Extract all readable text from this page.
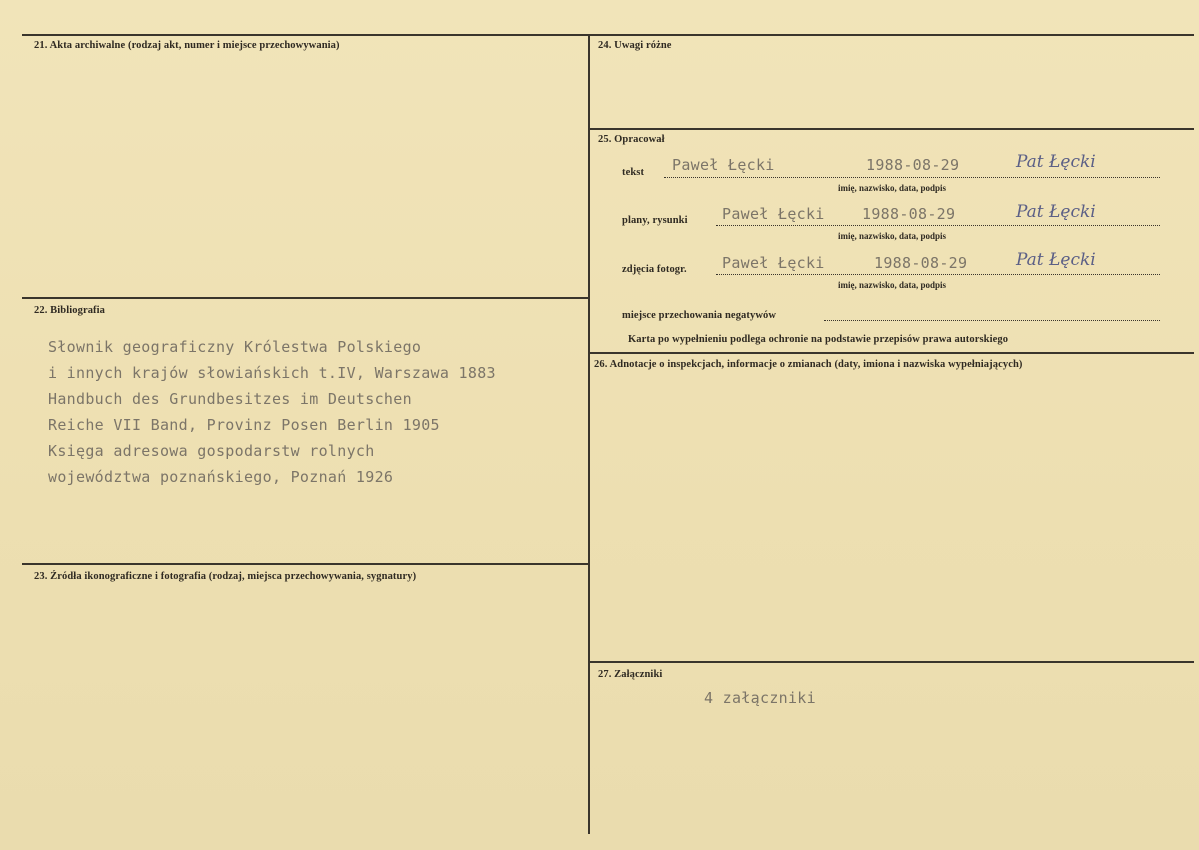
21. Akta archiwalne (rodzaj akt, numer i miejsce przechowywania)
22. Bibliografia
23. Źródła ikonograficzne i fotografia (rodzaj, miejsca przechowywania, sygnatury)
24. Uwagi różne
25. Opracował
26. Adnotacje o inspekcjach, informacje o zmianach (daty, imiona i nazwiska wypełniających)
27. Załączniki
Słownik geograficzny Królestwa Polskiego
i innych krajów słowiańskich t.IV, Warszawa 1883
Handbuch des Grundbesitzes im Deutschen
Reiche VII Band, Provinz Posen Berlin 1905
Księga adresowa gospodarstw rolnych
województwa poznańskiego, Poznań 1926
tekst Paweł Łęcki	1988-08-29	Pat Łęcki
imię, nazwisko, data, podpis
plany, rysunki Paweł Łęcki 1988-08-29	Pat Łęcki
imię, nazwisko, data, podpis
zdjęcia fotogr. Paweł Łęcki	1988-08-29	Pat Łęcki
imię, nazwisko, data, podpis
miejsce przechowania negatywów
Karta po wypełnieniu podlega ochronie na podstawie przepisów prawa autorskiego
4 załączniki
